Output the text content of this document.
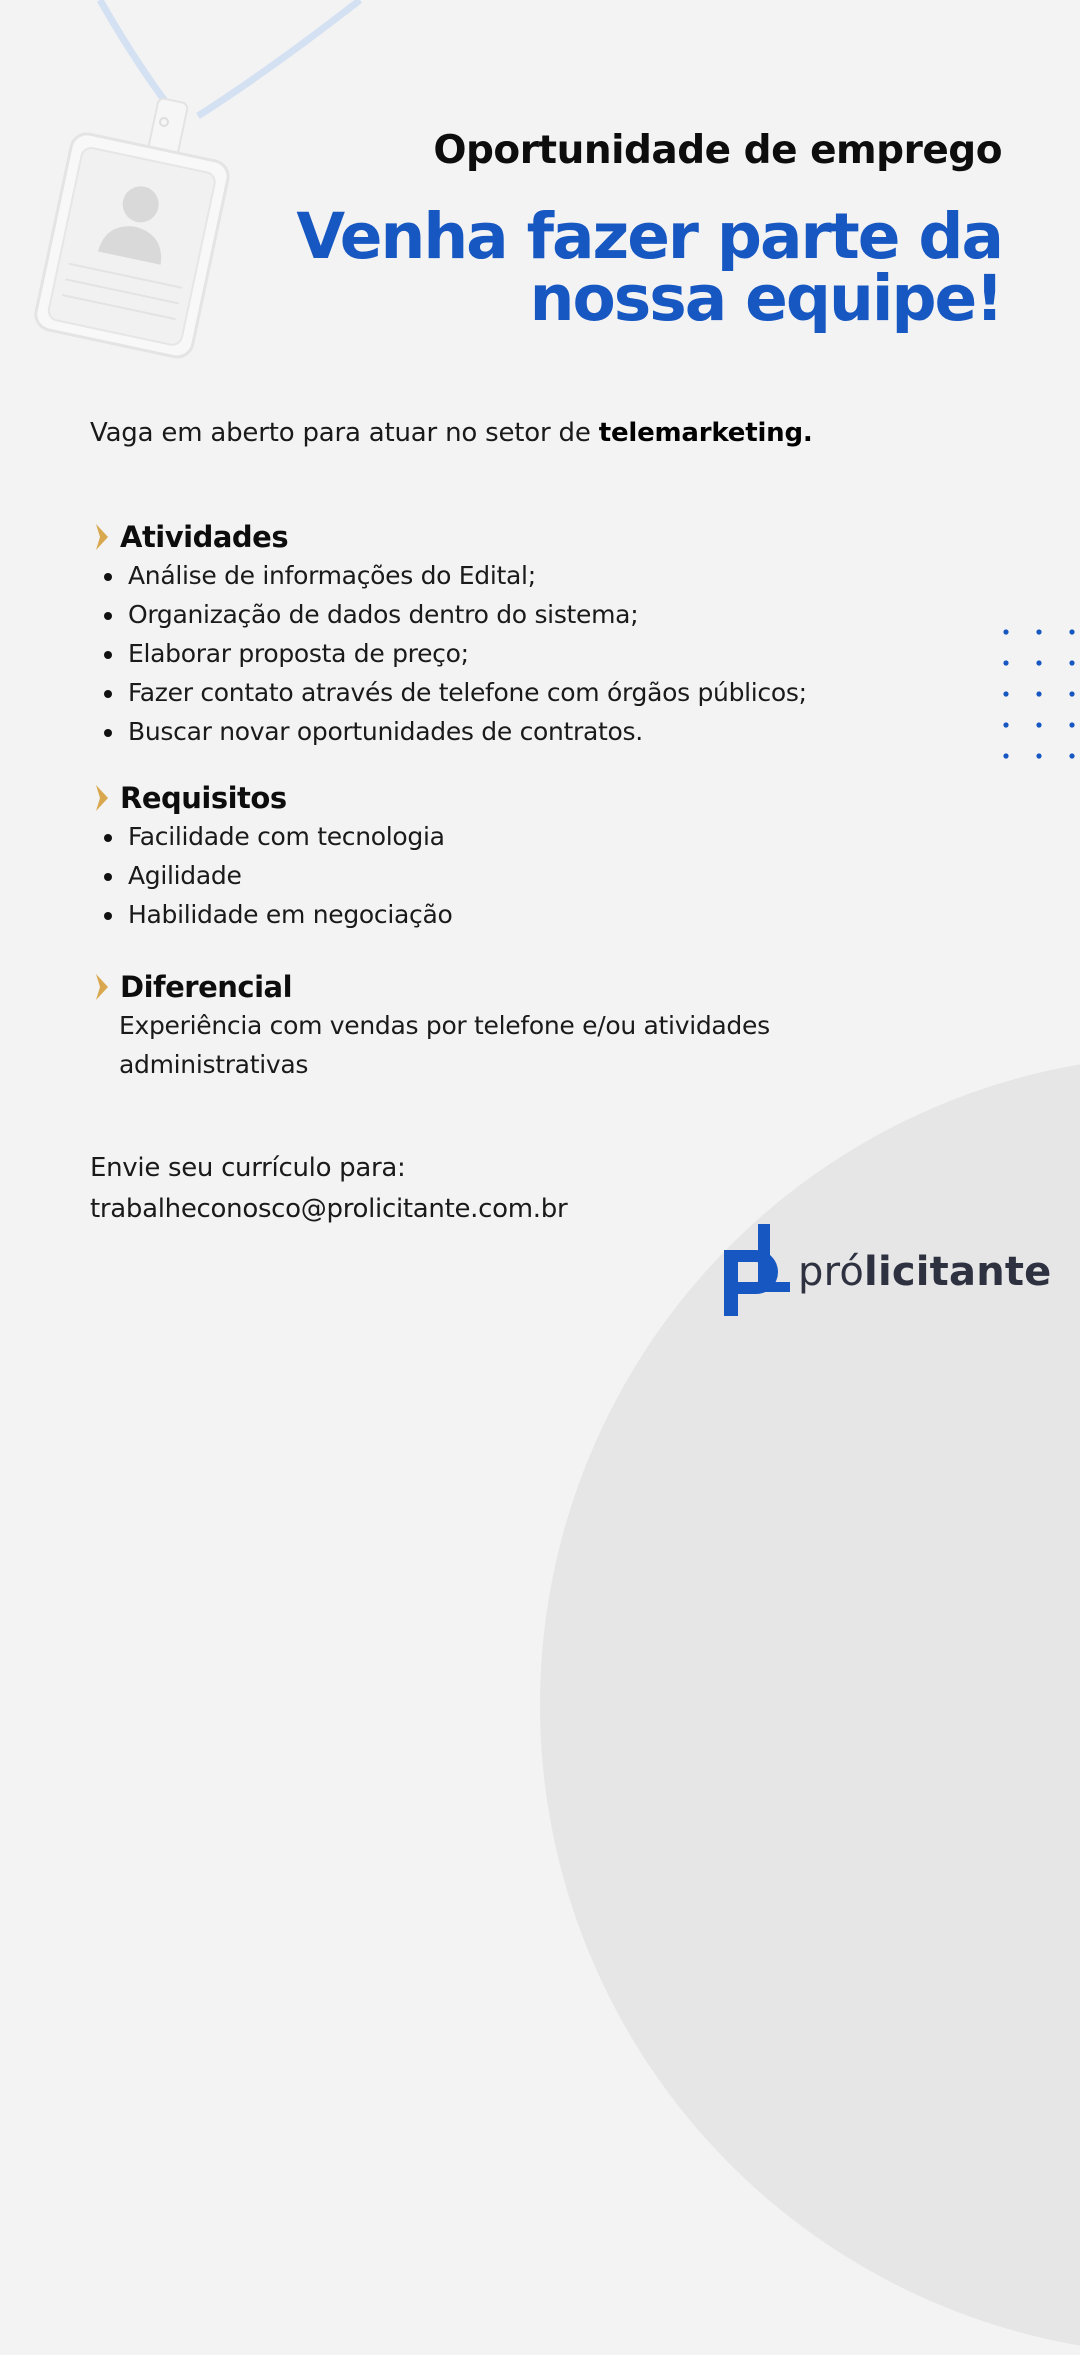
Oportunidade de emprego
Venha fazer parte da
nossa equipe!
Vaga em aberto para atuar no setor de telemarketing.
Atividades
Análise de informações do Edital;
Organização de dados dentro do sistema;
Elaborar proposta de preço;
Fazer contato através de telefone com órgãos públicos;
Buscar novar oportunidades de contratos.
Requisitos
Facilidade com tecnologia
Agilidade
Habilidade em negociação
Diferencial
Experiência com vendas por telefone e/ou atividades administrativas
Envie seu currículo para:
trabalheconosco@prolicitante.com.br
prólicitante
